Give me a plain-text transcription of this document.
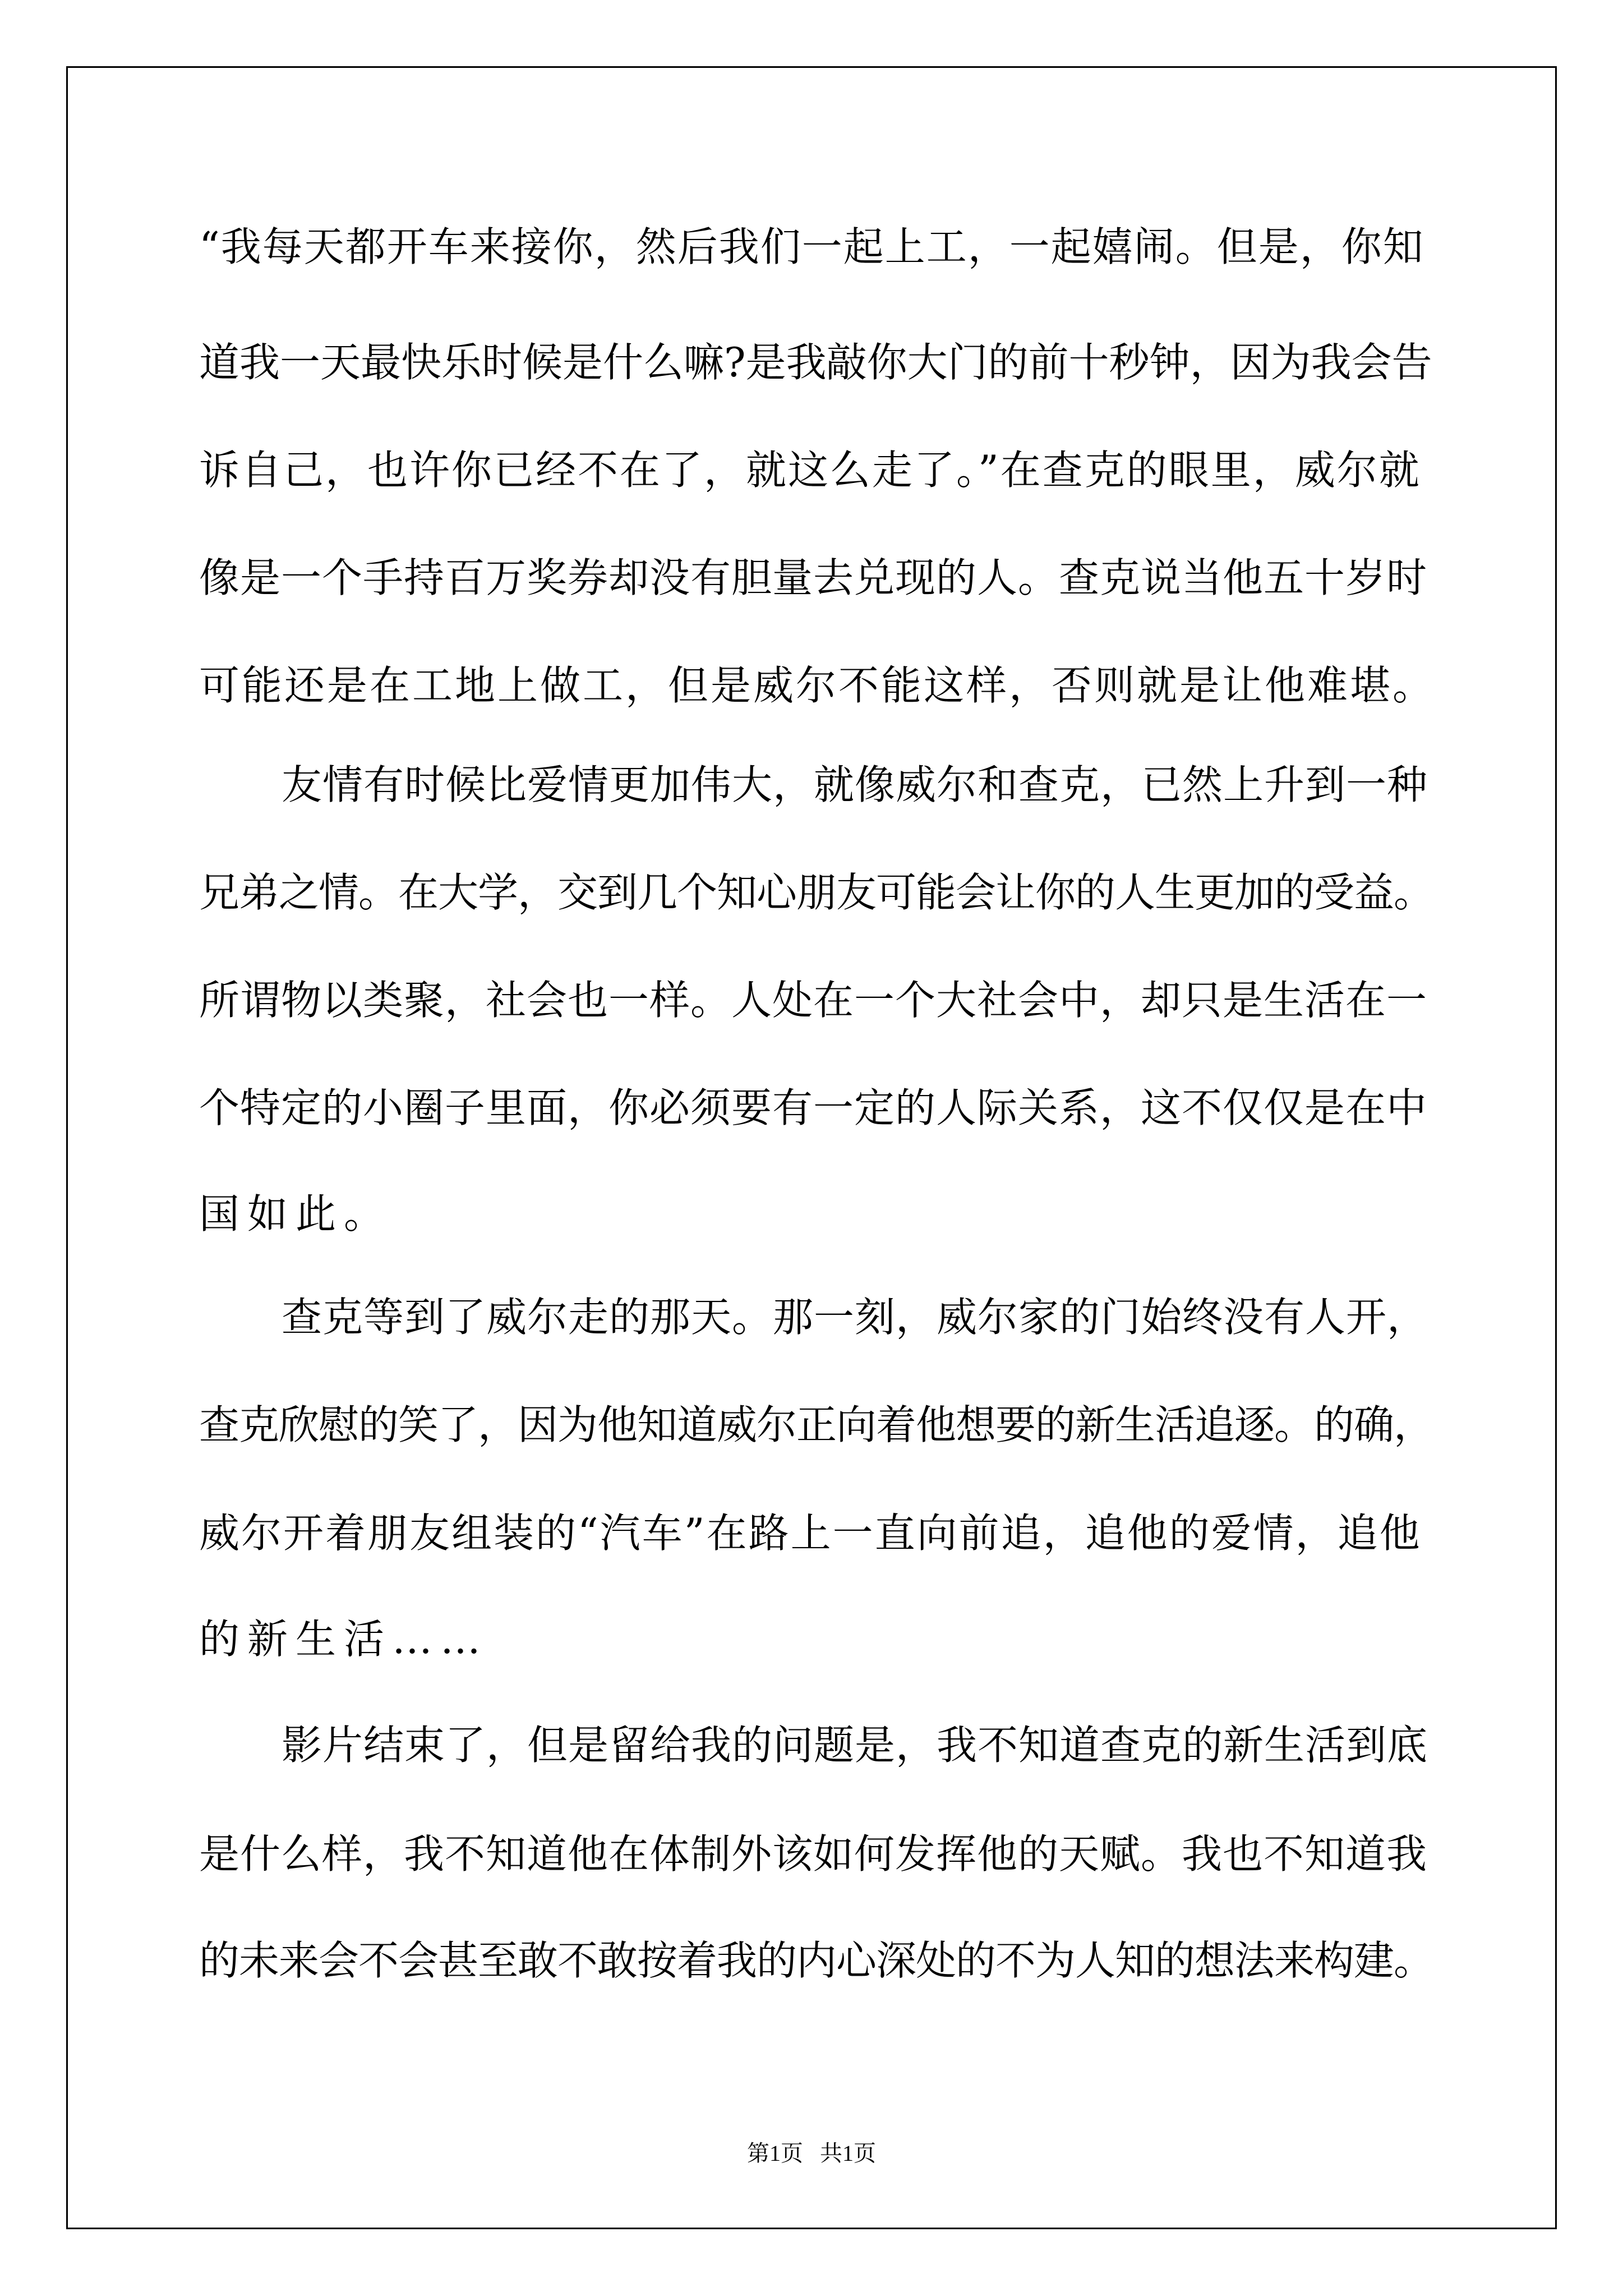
“我每天都开车来接你，然后我们一起上工，一起嬉闹。但是，你知
道我一天最快乐时候是什么嘛?是我敲你大门的前十秒钟，因为我会告
诉自己，也许你已经不在了，就这么走了。”在查克的眼里，威尔就
像是一个手持百万奖券却没有胆量去兑现的人。查克说当他五十岁时
可能还是在工地上做工，但是威尔不能这样，否则就是让他难堪。
友情有时候比爱情更加伟大，就像威尔和查克，已然上升到一种
兄弟之情。在大学，交到几个知心朋友可能会让你的人生更加的受益。
所谓物以类聚，社会也一样。人处在一个大社会中，却只是生活在一
个特定的小圈子里面，你必须要有一定的人际关系，这不仅仅是在中
国如此。
查克等到了威尔走的那天。那一刻，威尔家的门始终没有人开，
查克欣慰的笑了，因为他知道威尔正向着他想要的新生活追逐。的确，
威尔开着朋友组装的“汽车”在路上一直向前追，追他的爱情，追他
的新生活……
影片结束了，但是留给我的问题是，我不知道查克的新生活到底
是什么样，我不知道他在体制外该如何发挥他的天赋。我也不知道我
的未来会不会甚至敢不敢按着我的内心深处的不为人知的想法来构建。
第1页   共1页
